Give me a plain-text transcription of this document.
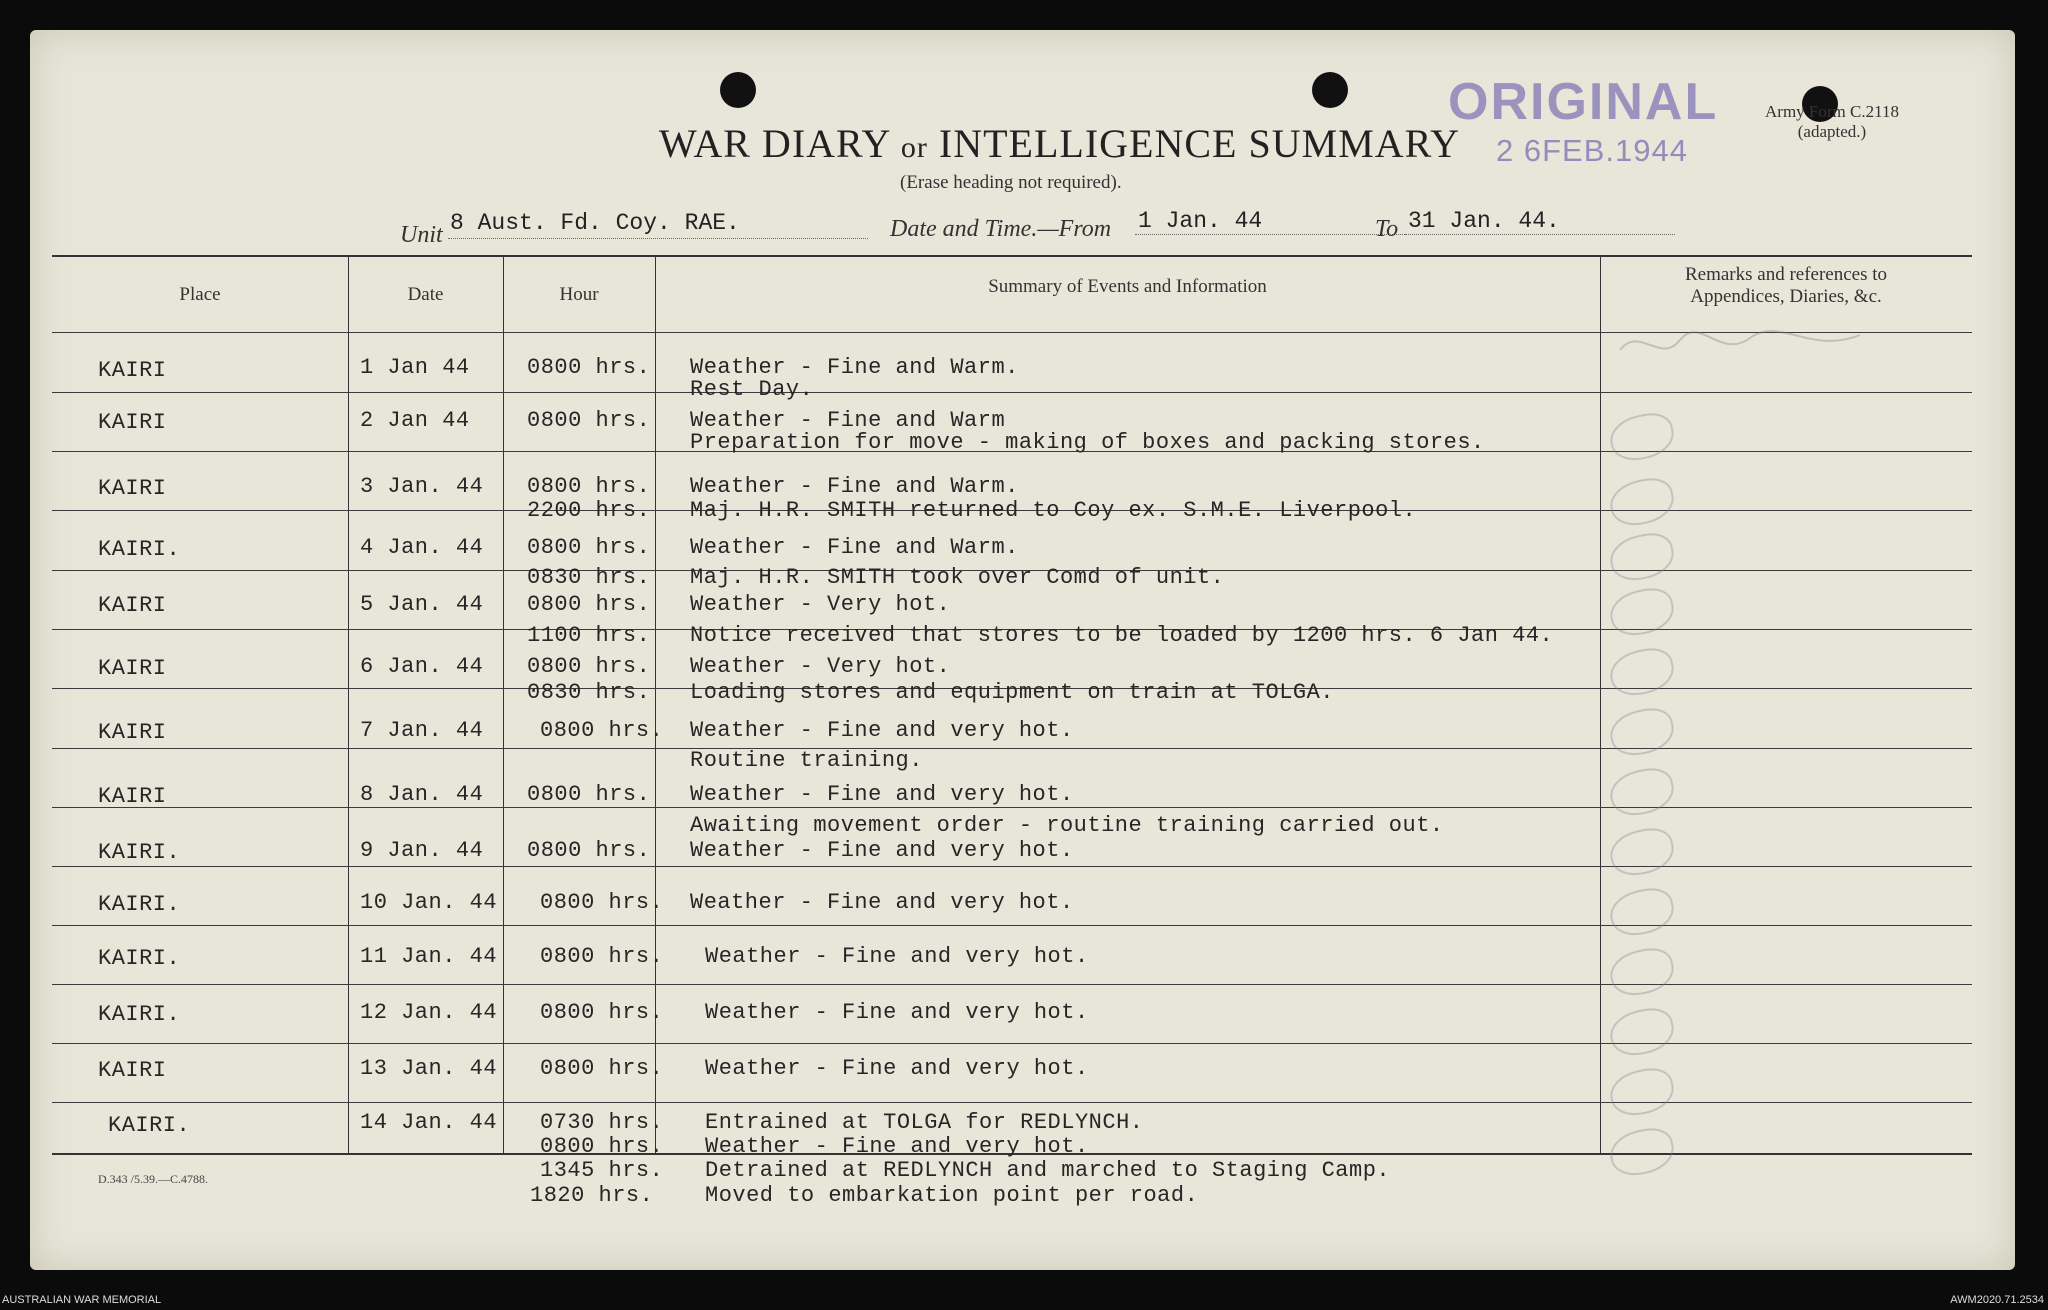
WAR DIARY or INTELLIGENCE SUMMARY
(Erase heading not required).
ORIGINAL
2 6FEB.1944
Army Form C.2118
(adapted.)
Unit 8 Aust. Fd. Coy. RAE.	Date and Time.—From 1 Jan. 44	To 31 Jan. 44.
Place	Date	Hour	Summary of Events and Information
Remarks and references to
Appendices, Diaries, &c.
KAIRI	1 Jan 44	0800 hrs. Weather - Fine and Warm.
Rest Day.
KAIRI	2 Jan 44	0800 hrs. Weather - Fine and Warm
Preparation for move - making of boxes and packing stores.
KAIRI	3 Jan. 44 0800 hrs. Weather - Fine and Warm.
2200 hrs. Maj. H.R. SMITH returned to Coy ex. S.M.E. Liverpool.
KAIRI.	4 Jan. 44 0800 hrs. Weather - Fine and Warm.
0830 hrs. Maj. H.R. SMITH took over Comd of unit.
KAIRI	5 Jan. 44 0800 hrs. Weather - Very hot.
1100 hrs. Notice received that stores to be loaded by 1200 hrs. 6 Jan 44.
KAIRI	6 Jan. 44 0800 hrs. Weather - Very hot.
0830 hrs. Loading stores and equipment on train at TOLGA.
KAIRI	7 Jan. 44	0800 hrs. Weather - Fine and very hot.
Routine training.
KAIRI	8 Jan. 44 0800 hrs. Weather - Fine and very hot.
Awaiting movement order - routine training carried out.
KAIRI.	9 Jan. 44 0800 hrs. Weather - Fine and very hot.
KAIRI.	10 Jan. 44 0800 hrs. Weather - Fine and very hot.
KAIRI.	11 Jan. 44 0800 hrs. Weather - Fine and very hot.
KAIRI.	12 Jan. 44 0800 hrs. Weather - Fine and very hot.
KAIRI	13 Jan. 44 0800 hrs. Weather - Fine and very hot.
KAIRI.	14 Jan. 44 0730 hrs. Entrained at TOLGA for REDLYNCH.
0800 hrs. Weather - Fine and very hot.
1345 hrs. Detrained at REDLYNCH and marched to Staging Camp.
1820 hrs. Moved to embarkation point per road.
D.343 /5.39.—C.4788.
AUSTRALIAN WAR MEMORIAL	AWM2020.71.2534
